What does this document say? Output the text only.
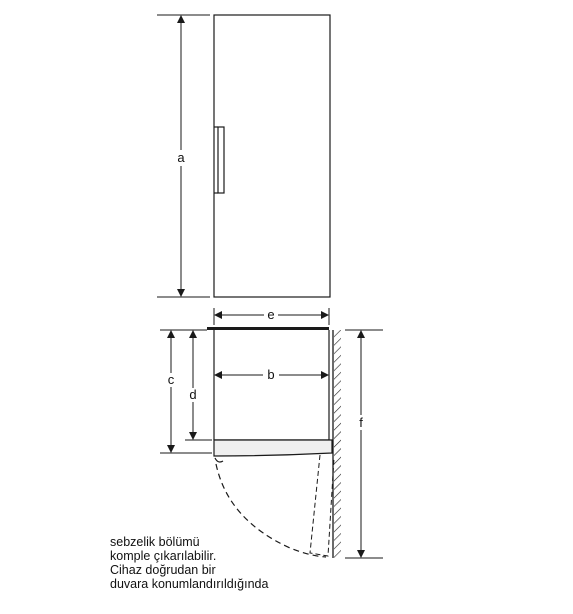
a
e
b
c
d
f
sebzelik bölümü
komple çıkarılabilir.
Cihaz doğrudan bir
duvara konumlandırıldığında
